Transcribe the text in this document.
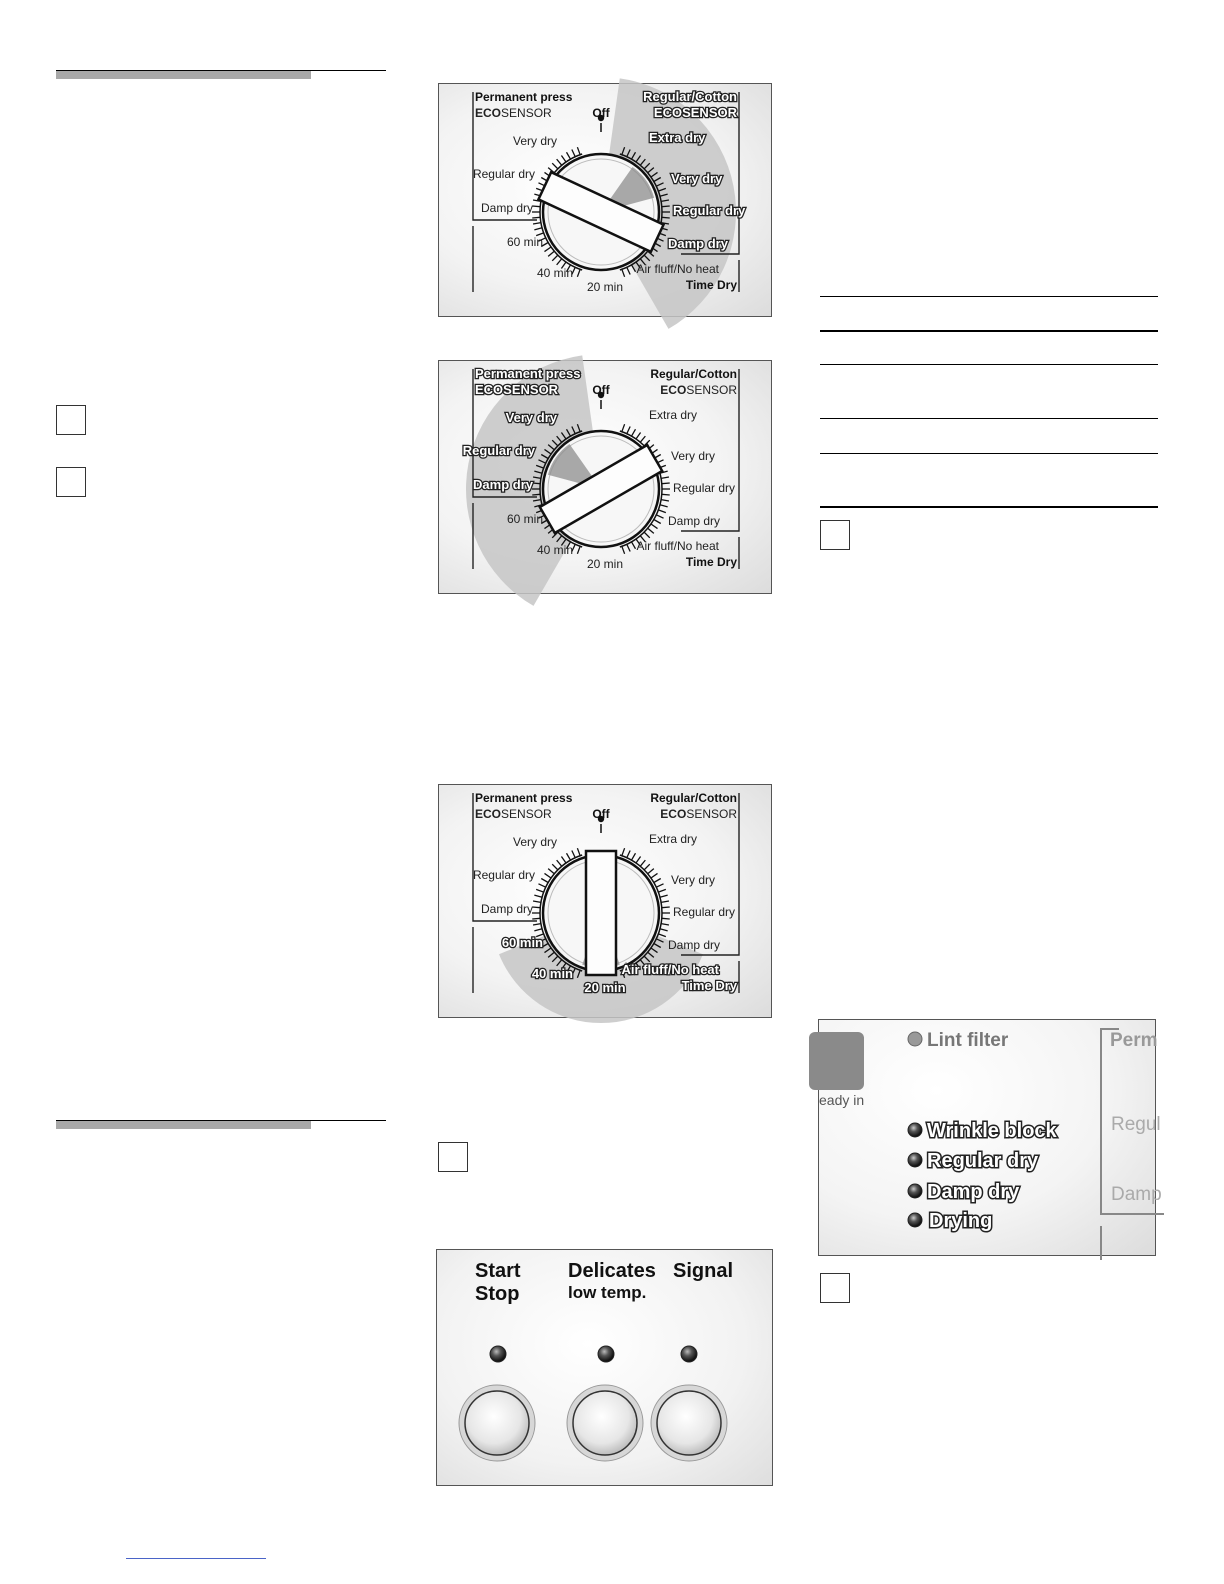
Permanent press
ECOSENSOR
Regular/Cotton
ECOSENSOR
Off
Very dry
Regular dry
Damp dry
Extra dry
Very dry
Regular dry
Damp dry
60 min
40 min
20 min
Air fluff/No heat
Time Dry
Permanent press
ECOSENSOR
Regular/Cotton
ECOSENSOR
Off
Very dry
Regular dry
Damp dry
Extra dry
Very dry
Regular dry
Damp dry
60 min
40 min
20 min
Air fluff/No heat
Time Dry
Permanent press
ECOSENSOR
Regular/Cotton
ECOSENSOR
Off
Very dry
Regular dry
Damp dry
Extra dry
Very dry
Regular dry
Damp dry
60 min
40 min
20 min
Air fluff/No heat
Time Dry
Start
Stop
Delicates
low temp.
Signal
eady in
Lint filter
Wrinkle block
Regular dry
Damp dry
Drying
Perm
Regul
Damp
